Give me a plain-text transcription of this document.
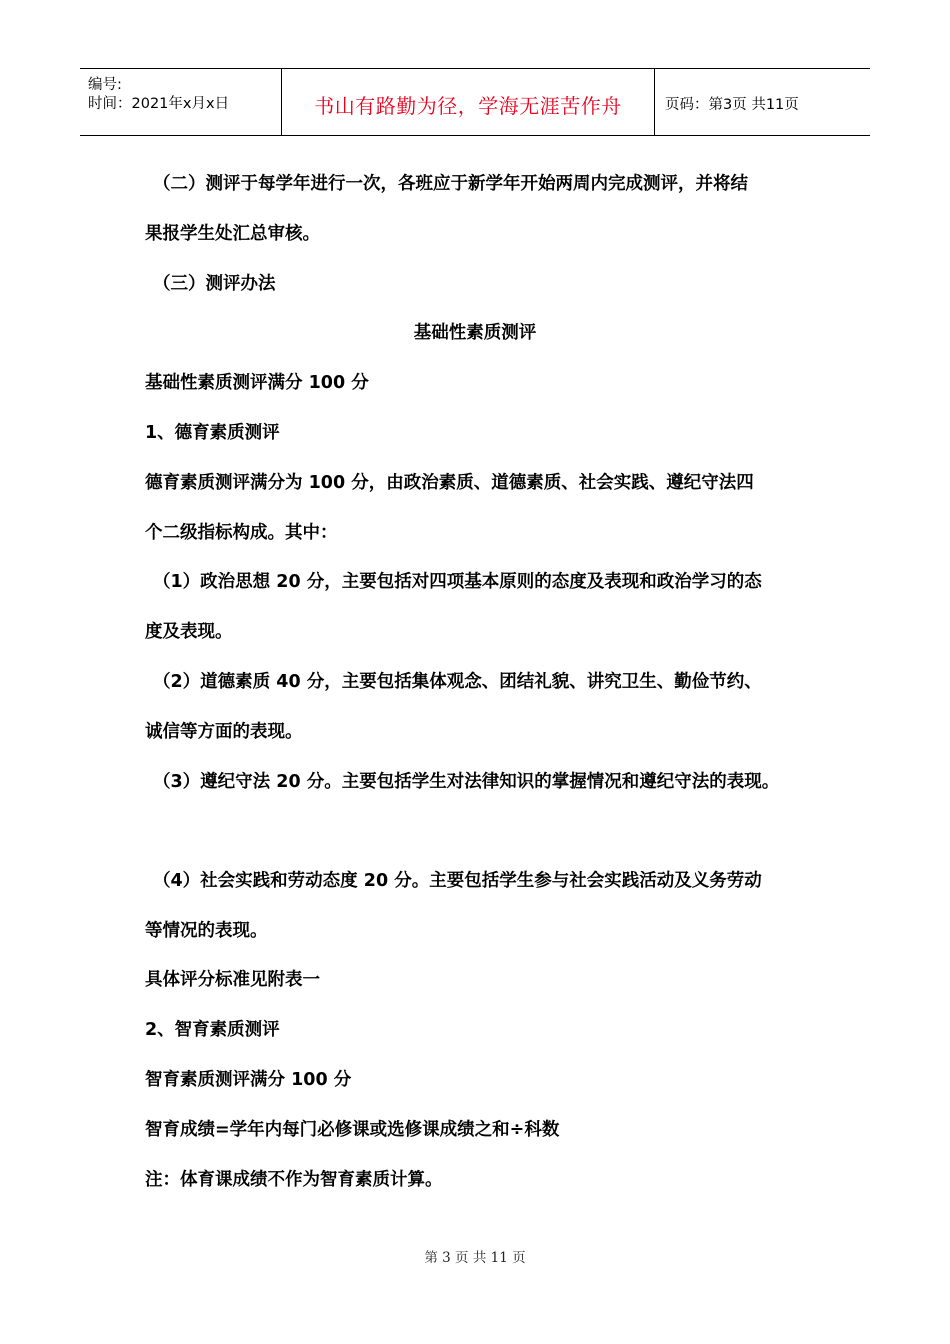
编号:
时间：2021年x月x日	书山有路勤为径，学海无涯苦作舟	页码：第3页 共11页
（二）测评于每学年进行一次，各班应于新学年开始两周内完成测评，并将结
果报学生处汇总审核。
（三）测评办法
基础性素质测评
基础性素质测评满分 100 分
1、德育素质测评
德育素质测评满分为 100 分，由政治素质、道德素质、社会实践、遵纪守法四
个二级指标构成。其中：
（1）政治思想 20 分，主要包括对四项基本原则的态度及表现和政治学习的态
度及表现。
（2）道德素质 40 分，主要包括集体观念、团结礼貌、讲究卫生、勤俭节约、
诚信等方面的表现。
（3）遵纪守法 20 分。主要包括学生对法律知识的掌握情况和遵纪守法的表现。
（4）社会实践和劳动态度 20 分。主要包括学生参与社会实践活动及义务劳动
等情况的表现。
具体评分标准见附表一
2、智育素质测评
智育素质测评满分 100 分
智育成绩=学年内每门必修课或选修课成绩之和÷科数
注：体育课成绩不作为智育素质计算。
第 3 页 共 11 页
